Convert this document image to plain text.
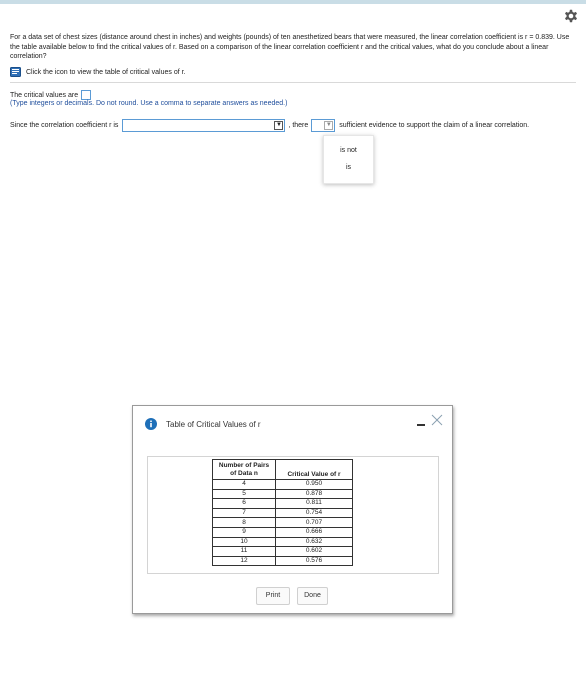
For a data set of chest sizes (distance around chest in inches) and weights (pounds) of ten anesthetized bears that were measured, the linear correlation coefficient is r = 0.839. Use the table available below to find the critical values of r. Based on a comparison of the linear correlation coefficient r and the critical values, what do you conclude about a linear correlation?
Click the icon to view the table of critical values of r.
The critical values are
(Type integers or decimals. Do not round. Use a comma to separate answers as needed.)
Since the correlation coefficient r is	▼ , there	▼ sufficient evidence to support the claim of a linear correlation.
is not
is
Table of Critical Values of r
Number of Pairs of Data n	Critical Value of r
4	0.950
5	0.878
6	0.811
7	0.754
8	0.707
9	0.666
10	0.632
11	0.602
12	0.576
Print	Done
